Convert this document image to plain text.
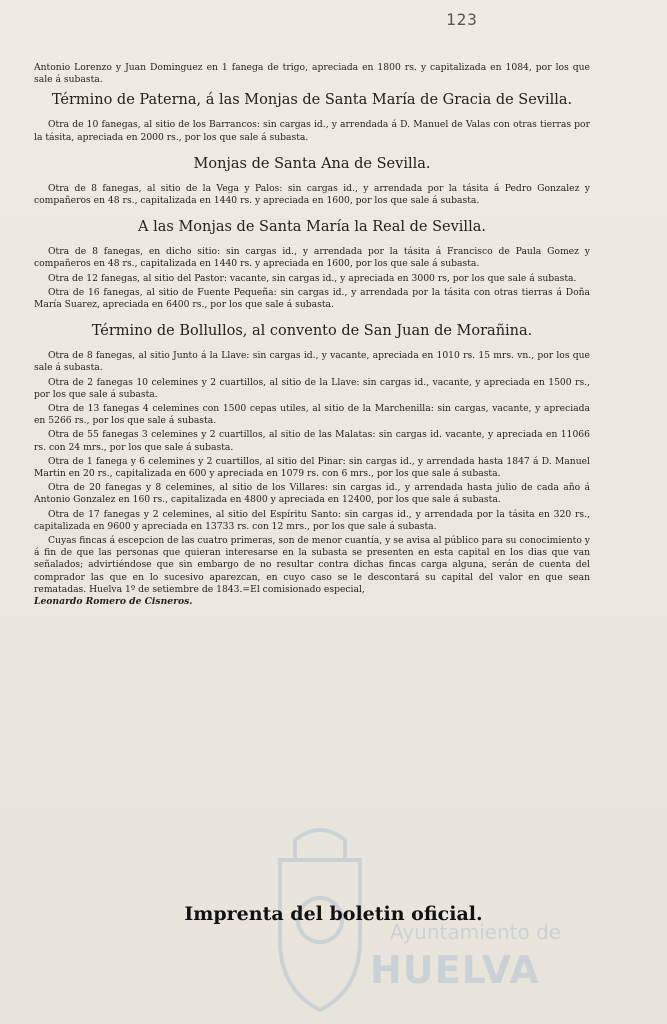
123

Antonio Lorenzo y Juan Dominguez en 1 fanega de trigo, apreciada en 1800 rs. y capitalizada en 1084, por los que sale á subasta.

Término de Paterna, á las Monjas de Santa María de Gracia de Sevilla.

Otra de 10 fanegas, al sitio de los Barrancos: sin cargas id., y arrendada á D. Manuel de Valas con otras tierras por la tásita, apreciada en 2000 rs., por los que sale á subasta.

Monjas de Santa Ana de Sevilla.

Otra de 8 fanegas, al sitio de la Vega y Palos: sin cargas id., y arrendada por la tásita á Pedro Gonzalez y compañeros en 48 rs., capitalizada en 1440 rs. y apreciada en 1600, por los que sale á subasta.

A las Monjas de Santa María la Real de Sevilla.

Otra de 8 fanegas, en dicho sitio: sin cargas id., y arrendada por la tásita á Francisco de Paula Gomez y compañeros en 48 rs., capitalizada en 1440 rs. y apreciada en 1600, por los que sale á subasta.

Otra de 12 fanegas, al sitio del Pastor: vacante, sin cargas id., y apreciada en 3000 rs, por los que sale á subasta.

Otra de 16 fanegas, al sitio de Fuente Pequeña: sin cargas id., y arrendada por la tásita con otras tierras á Doña María Suarez, apreciada en 6400 rs., por los que sale á subasta.

Término de Bollullos, al convento de San Juan de Morañina.

Otra de 8 fanegas, al sitio Junto á la Llave: sin cargas id., y vacante, apreciada en 1010 rs. 15 mrs. vn., por los que sale á subasta.

Otra de 2 fanegas 10 celemines y 2 cuartillos, al sitio de la Llave: sin cargas id., vacante, y apreciada en 1500 rs., por los que sale á subasta.

Otra de 13 fanegas 4 celemines con 1500 cepas utiles, al sitio de la Marchenilla: sin cargas, vacante, y apreciada en 5266 rs., por los que sale á subasta.

Otra de 55 fanegas 3 celemines y 2 cuartillos, al sitio de las Malatas: sin cargas id. vacante, y apreciada en 11066 rs. con 24 mrs., por los que sale á subasta.

Otra de 1 fanega y 6 celemines y 2 cuartillos, al sitio del Pinar: sin cargas id., y arrendada hasta 1847 á D. Manuel Martin en 20 rs., capitalizada en 600 y apreciada en 1079 rs. con 6 mrs., por los que sale á subasta.

Otra de 20 fanegas y 8 celemines, al sitio de los Villares: sin cargas id., y arrendada hasta julio de cada año á Antonio Gonzalez en 160 rs., capitalizada en 4800 y apreciada en 12400, por los que sale á subasta.

Otra de 17 fanegas y 2 celemines, al sitio del Espíritu Santo: sin cargas id., y arrendada por la tásita en 320 rs., capitalizada en 9600 y apreciada en 13733 rs. con 12 mrs., por los que sale á subasta.

Cuyas fincas á escepcion de las cuatro primeras, son de menor cuantía, y se avisa al público para su conocimiento y á fin de que las personas que quieran interesarse en la subasta se presenten en esta capital en los dias que van señalados; advirtiéndose que sin embargo de no resultar contra dichas fincas carga alguna, serán de cuenta del comprador las que en lo sucesivo aparezcan, en cuyo caso se le descontará su capital del valor en que sean rematadas. Huelva 1º de setiembre de 1843.=El comisionado especial,

Leonardo Romero de Cisneros.

Ayuntamiento de
HUELVA
Imprenta del boletin oficial.
